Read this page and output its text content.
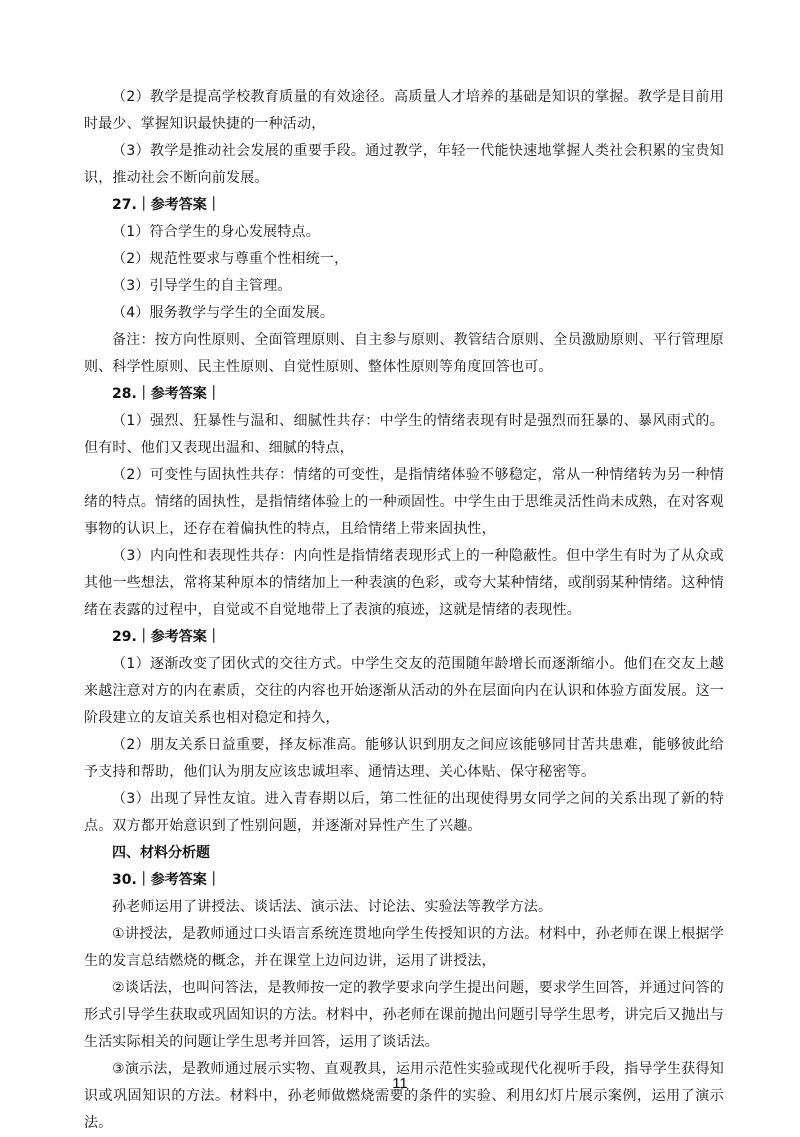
（2）教学是提高学校教育质量的有效途径。高质量人才培养的基础是知识的掌握。教学是目前用时最少、掌握知识最快捷的一种活动，

（3）教学是推动社会发展的重要手段。通过教学，年轻一代能快速地掌握人类社会积累的宝贵知识，推动社会不断向前发展。

27.｜参考答案｜

（1）符合学生的身心发展特点。

（2）规范性要求与尊重个性相统一，

（3）引导学生的自主管理。

（4）服务教学与学生的全面发展。

备注：按方向性原则、全面管理原则、自主参与原则、教管结合原则、全员激励原则、平行管理原则、科学性原则、民主性原则、自觉性原则、整体性原则等角度回答也可。

28.｜参考答案｜

（1）强烈、狂暴性与温和、细腻性共存：中学生的情绪表现有时是强烈而狂暴的、暴风雨式的。但有时、他们又表现出温和、细腻的特点，

（2）可变性与固执性共存：情绪的可变性，是指情绪体验不够稳定，常从一种情绪转为另一种情绪的特点。情绪的固执性，是指情绪体验上的一种顽固性。中学生由于思维灵活性尚未成熟，在对客观事物的认识上，还存在着偏执性的特点，且给情绪上带来固执性，

（3）内向性和表现性共存：内向性是指情绪表现形式上的一种隐蔽性。但中学生有时为了从众或其他一些想法，常将某种原本的情绪加上一种表演的色彩，或夸大某种情绪，或削弱某种情绪。这种情绪在表露的过程中，自觉或不自觉地带上了表演的痕迹，这就是情绪的表现性。

29.｜参考答案｜

（1）逐渐改变了团伙式的交往方式。中学生交友的范围随年龄增长而逐渐缩小。他们在交友上越来越注意对方的内在素质，交往的内容也开始逐渐从活动的外在层面向内在认识和体验方面发展。这一阶段建立的友谊关系也相对稳定和持久，

（2）朋友关系日益重要，择友标准高。能够认识到朋友之间应该能够同甘苦共患难，能够彼此给予支持和帮助，他们认为朋友应该忠诚坦率、通情达理、关心体贴、保守秘密等。

（3）出现了异性友谊。进入青春期以后，第二性征的出现使得男女同学之间的关系出现了新的特点。双方都开始意识到了性别问题，并逐渐对异性产生了兴趣。

四、材料分析题

30.｜参考答案｜

孙老师运用了讲授法、谈话法、演示法、讨论法、实验法等教学方法。

①讲授法，是教师通过口头语言系统连贯地向学生传授知识的方法。材料中，孙老师在课上根据学生的发言总结燃烧的概念，并在课堂上边问边讲，运用了讲授法，

②谈话法，也叫问答法，是教师按一定的教学要求向学生提出问题，要求学生回答，并通过问答的形式引导学生获取或巩固知识的方法。材料中，孙老师在课前抛出问题引导学生思考，讲完后又抛出与生活实际相关的问题让学生思考并回答，运用了谈话法。

③演示法，是教师通过展示实物、直观教具，运用示范性实验或现代化视听手段，指导学生获得知识或巩固知识的方法。材料中，孙老师做燃烧需要的条件的实验、利用幻灯片展示案例，运用了演示法。

11
